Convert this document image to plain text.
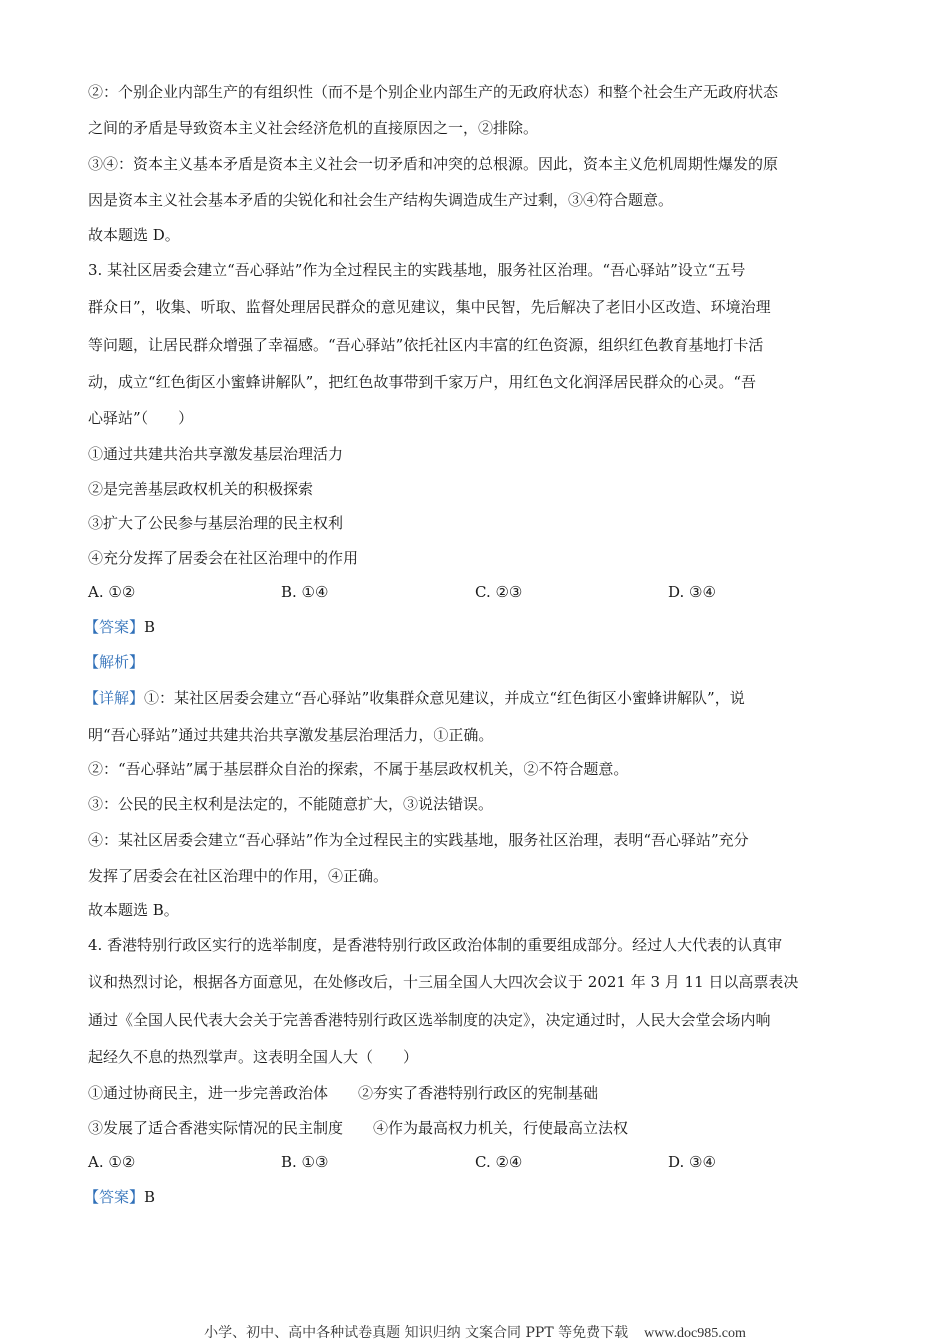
②：个别企业内部生产的有组织性（而不是个别企业内部生产的无政府状态）和整个社会生产无政府状态
之间的矛盾是导致资本主义社会经济危机的直接原因之一，②排除。
③④：资本主义基本矛盾是资本主义社会一切矛盾和冲突的总根源。因此，资本主义危机周期性爆发的原
因是资本主义社会基本矛盾的尖锐化和社会生产结构失调造成生产过剩，③④符合题意。
故本题选 D。
3. 某社区居委会建立“吾心驿站”作为全过程民主的实践基地，服务社区治理。“吾心驿站”设立“五号
群众日”，收集、听取、监督处理居民群众的意见建议，集中民智，先后解决了老旧小区改造、环境治理
等问题，让居民群众增强了幸福感。“吾心驿站”依托社区内丰富的红色资源，组织红色教育基地打卡活
动，成立“红色街区小蜜蜂讲解队”，把红色故事带到千家万户，用红色文化润泽居民群众的心灵。“吾
心驿站”（　　）
①通过共建共治共享激发基层治理活力
②是完善基层政权机关的积极探索
③扩大了公民参与基层治理的民主权利
④充分发挥了居委会在社区治理中的作用
A. ①②	B. ①④	C. ②③	D. ③④
【答案】B
【解析】
【详解】①：某社区居委会建立“吾心驿站”收集群众意见建议，并成立“红色街区小蜜蜂讲解队”，说
明“吾心驿站”通过共建共治共享激发基层治理活力，①正确。
②：“吾心驿站”属于基层群众自治的探索，不属于基层政权机关，②不符合题意。
③：公民的民主权利是法定的，不能随意扩大，③说法错误。
④：某社区居委会建立“吾心驿站”作为全过程民主的实践基地，服务社区治理，表明“吾心驿站”充分
发挥了居委会在社区治理中的作用，④正确。
故本题选 B。
4. 香港特别行政区实行的选举制度，是香港特别行政区政治体制的重要组成部分。经过人大代表的认真审
议和热烈讨论，根据各方面意见，在处修改后，十三届全国人大四次会议于 2021 年 3 月 11 日以高票表决
通过《全国人民代表大会关于完善香港特别行政区选举制度的决定》，决定通过时，人民大会堂会场内响
起经久不息的热烈掌声。这表明全国人大（　　）
①通过协商民主，进一步完善政治体　　②夯实了香港特别行政区的宪制基础
③发展了适合香港实际情况的民主制度　　④作为最高权力机关，行使最高立法权
A. ①②	B. ①③	C. ②④	D. ③④
【答案】B
小学、初中、高中各种试卷真题 知识归纳 文案合同 PPT 等免费下载 www.doc985.com
